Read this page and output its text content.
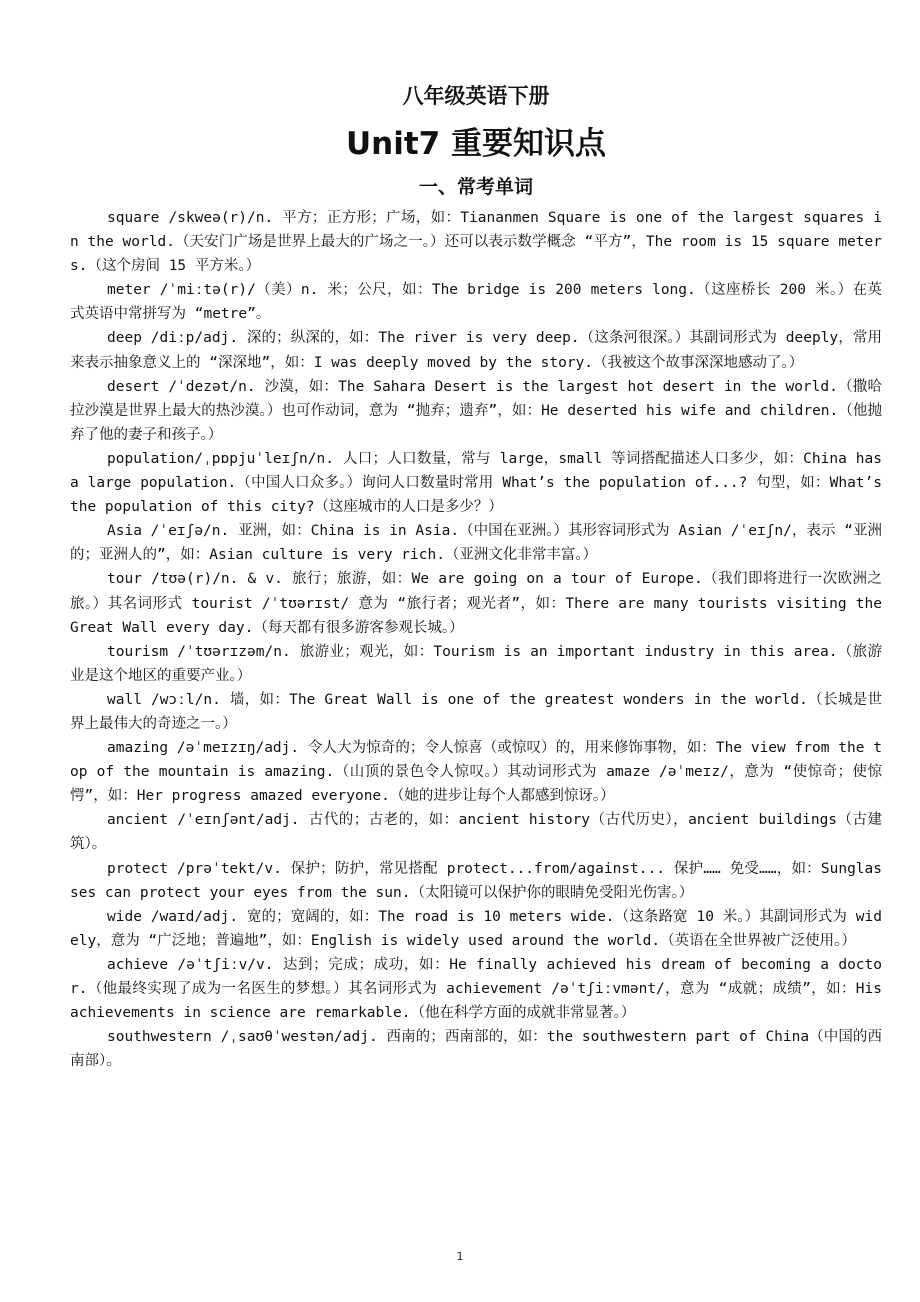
八年级英语下册
Unit7 重要知识点
一、常考单词

square /skweə(r)/n. 平方；正方形；广场，如：Tiananmen Square is one of the largest squares in the world.（天安门广场是世界上最大的广场之一。）还可以表示数学概念 “平方”，The room is 15 square meters.（这个房间 15 平方米。）

meter /ˈmiːtə(r)/（美）n. 米；公尺，如：The bridge is 200 meters long.（这座桥长 200 米。）在英式英语中常拼写为 “metre”。

deep /diːp/adj. 深的；纵深的，如：The river is very deep.（这条河很深。）其副词形式为 deeply，常用来表示抽象意义上的 “深深地”，如：I was deeply moved by the story.（我被这个故事深深地感动了。）

desert /ˈdezət/n. 沙漠，如：The Sahara Desert is the largest hot desert in the world.（撒哈拉沙漠是世界上最大的热沙漠。）也可作动词，意为 “抛弃；遗弃”，如：He deserted his wife and children.（他抛弃了他的妻子和孩子。）

population/ˌpɒpjuˈleɪʃn/n. 人口；人口数量，常与 large，small 等词搭配描述人口多少，如：China has a large population.（中国人口众多。）询问人口数量时常用 What’s the population of...? 句型，如：What’s the population of this city?（这座城市的人口是多少？）

Asia /ˈeɪʃə/n. 亚洲，如：China is in Asia.（中国在亚洲。）其形容词形式为 Asian /ˈeɪʃn/，表示 “亚洲的；亚洲人的”，如：Asian culture is very rich.（亚洲文化非常丰富。）

tour /tʊə(r)/n. & v. 旅行；旅游，如：We are going on a tour of Europe.（我们即将进行一次欧洲之旅。）其名词形式 tourist /ˈtʊərɪst/ 意为 “旅行者；观光者”，如：There are many tourists visiting the Great Wall every day.（每天都有很多游客参观长城。）

tourism /ˈtʊərɪzəm/n. 旅游业；观光，如：Tourism is an important industry in this area.（旅游业是这个地区的重要产业。）

wall /wɔːl/n. 墙，如：The Great Wall is one of the greatest wonders in the world.（长城是世界上最伟大的奇迹之一。）

amazing /əˈmeɪzɪŋ/adj. 令人大为惊奇的；令人惊喜（或惊叹）的，用来修饰事物，如：The view from the top of the mountain is amazing.（山顶的景色令人惊叹。）其动词形式为 amaze /əˈmeɪz/，意为 “使惊奇；使惊愕”，如：Her progress amazed everyone.（她的进步让每个人都感到惊讶。）

ancient /ˈeɪnʃənt/adj. 古代的；古老的，如：ancient history（古代历史），ancient buildings（古建筑）。

protect /prəˈtekt/v. 保护；防护，常见搭配 protect...from/against... 保护…… 免受……，如：Sunglasses can protect your eyes from the sun.（太阳镜可以保护你的眼睛免受阳光伤害。）

wide /waɪd/adj. 宽的；宽阔的，如：The road is 10 meters wide.（这条路宽 10 米。）其副词形式为 widely，意为 “广泛地；普遍地”，如：English is widely used around the world.（英语在全世界被广泛使用。）

achieve /əˈtʃiːv/v. 达到；完成；成功，如：He finally achieved his dream of becoming a doctor.（他最终实现了成为一名医生的梦想。）其名词形式为 achievement /əˈtʃiːvmənt/，意为 “成就；成绩”，如：His achievements in science are remarkable.（他在科学方面的成就非常显著。）

southwestern /ˌsaʊθˈwestən/adj. 西南的；西南部的，如：the southwestern part of China（中国的西南部）。

1
